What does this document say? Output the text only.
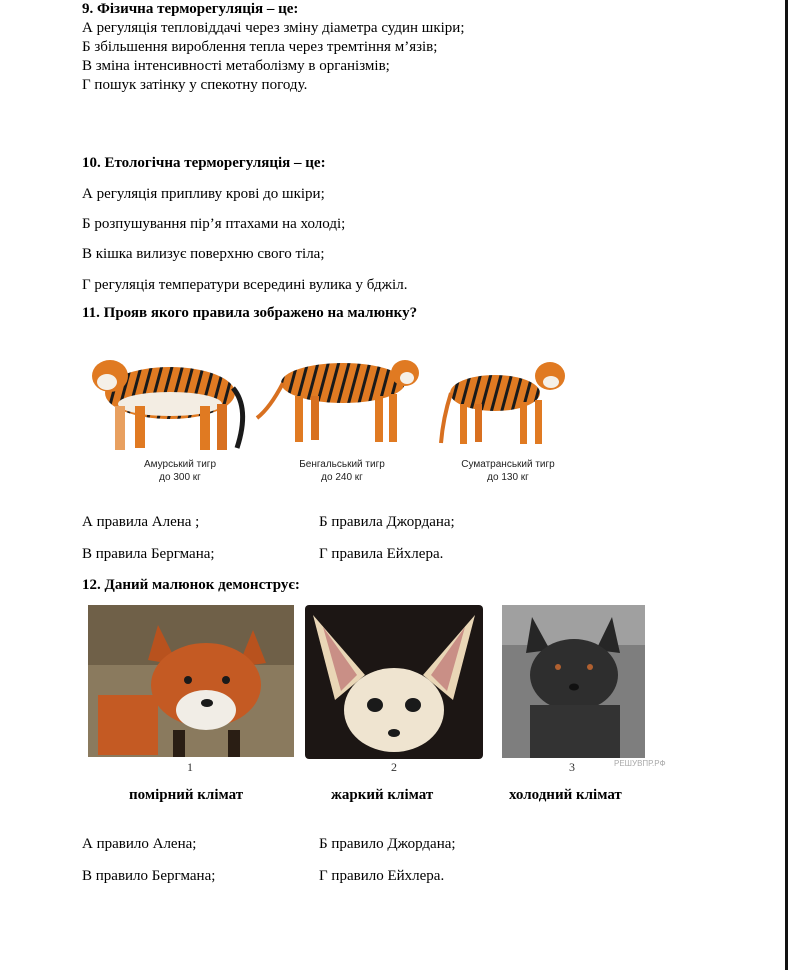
9. Фізична терморегуляція – це:
А регуляція тепловіддачі через зміну діаметра судин шкіри;
Б збільшення вироблення тепла через тремтіння м’язів;
В зміна інтенсивності метаболізму в організмів;
Г пошук затінку у спекотну погоду.
10. Етологічна терморегуляція – це:
А регуляція припливу крові до шкіри;
Б розпушування пір’я птахами на холоді;
В кішка вилизує поверхню свого тіла;
Г регуляція температури всередині вулика у бджіл.
11. Прояв якого правила зображено на малюнку?
Амурський тигр
до 300 кг
Бенгальський тигр
до 240 кг
Суматранський тигр
до 130 кг
А правила Алена ;	Б правила Джордана;
В правила Бергмана;	Г правила Ейхлера.
12. Даний малюнок демонструє:
РЕШУВПР.РФ
1	2	3
помірний клімат	жаркий клімат	холодний клімат
А правило Алена;	Б правило Джордана;
В правило Бергмана;	Г правило Ейхлера.
